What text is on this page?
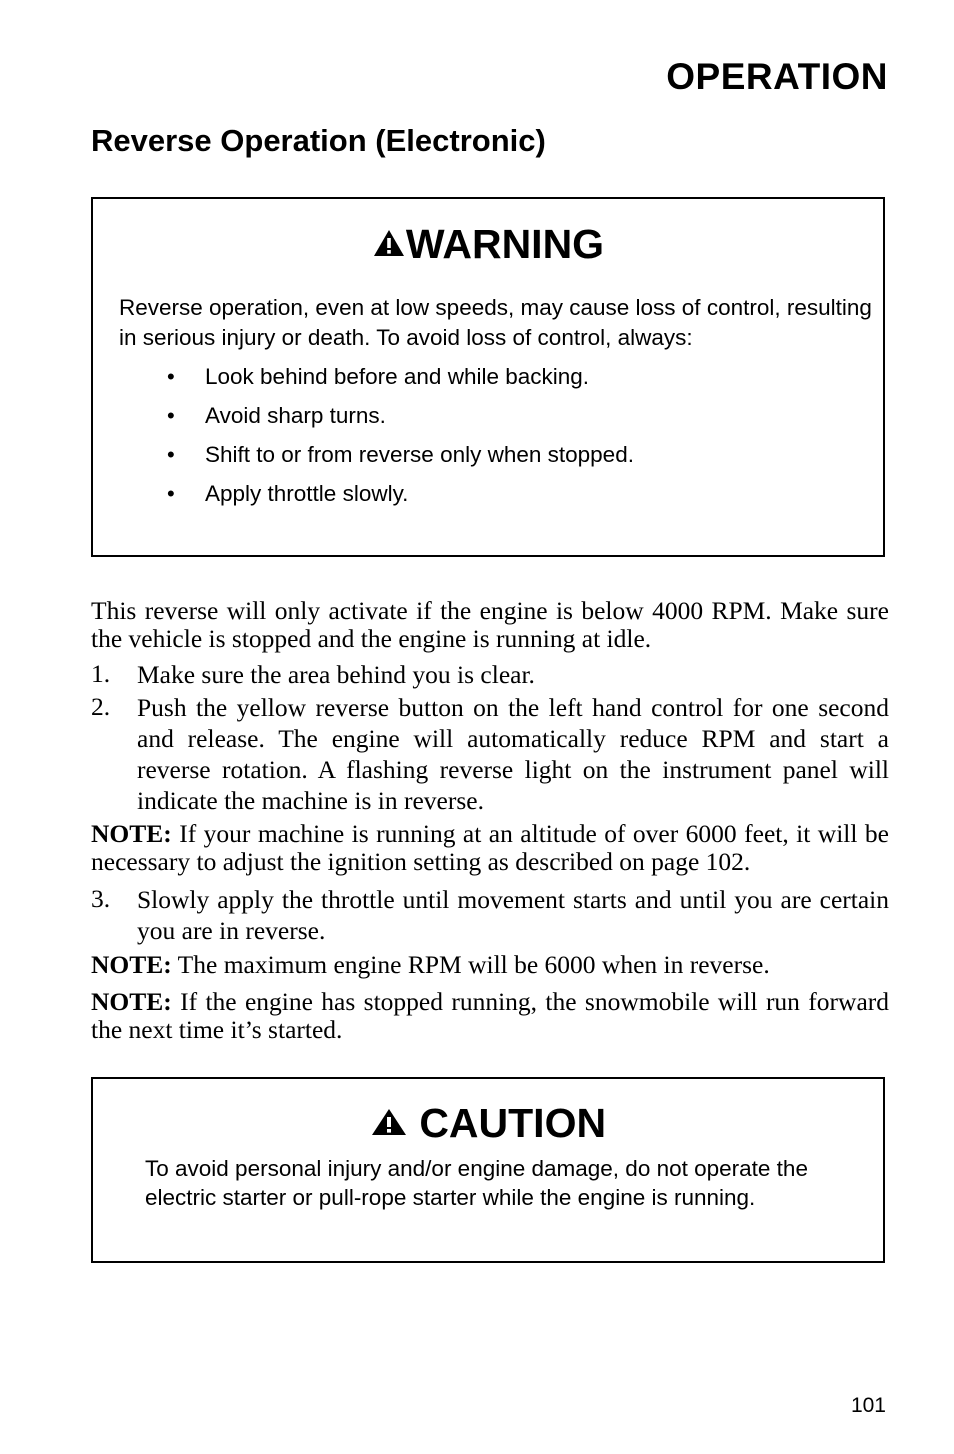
OPERATION
Reverse Operation (Electronic)
WARNING
Reverse operation, even at low speeds, may cause loss of control, resulting in serious injury or death. To avoid loss of control, always:
• Look behind before and while backing.
• Avoid sharp turns.
• Shift to or from reverse only when stopped.
• Apply throttle slowly.
This reverse will only activate if the engine is below 4000 RPM. Make sure the vehicle is stopped and the engine is running at idle.
1. Make sure the area behind you is clear.
2. Push the yellow reverse button on the left hand control for one second and release. The engine will automatically reduce RPM and start a reverse rotation. A flashing reverse light on the instrument panel will indicate the machine is in reverse.
NOTE: If your machine is running at an altitude of over 6000 feet, it will be necessary to adjust the ignition setting as described on page 102.
3. Slowly apply the throttle until movement starts and until you are certain you are in reverse.
NOTE: The maximum engine RPM will be 6000 when in reverse.
NOTE: If the engine has stopped running, the snowmobile will run forward the next time it’s started.
CAUTION
To avoid personal injury and/or engine damage, do not operate the electric starter or pull-rope starter while the engine is running.
101
